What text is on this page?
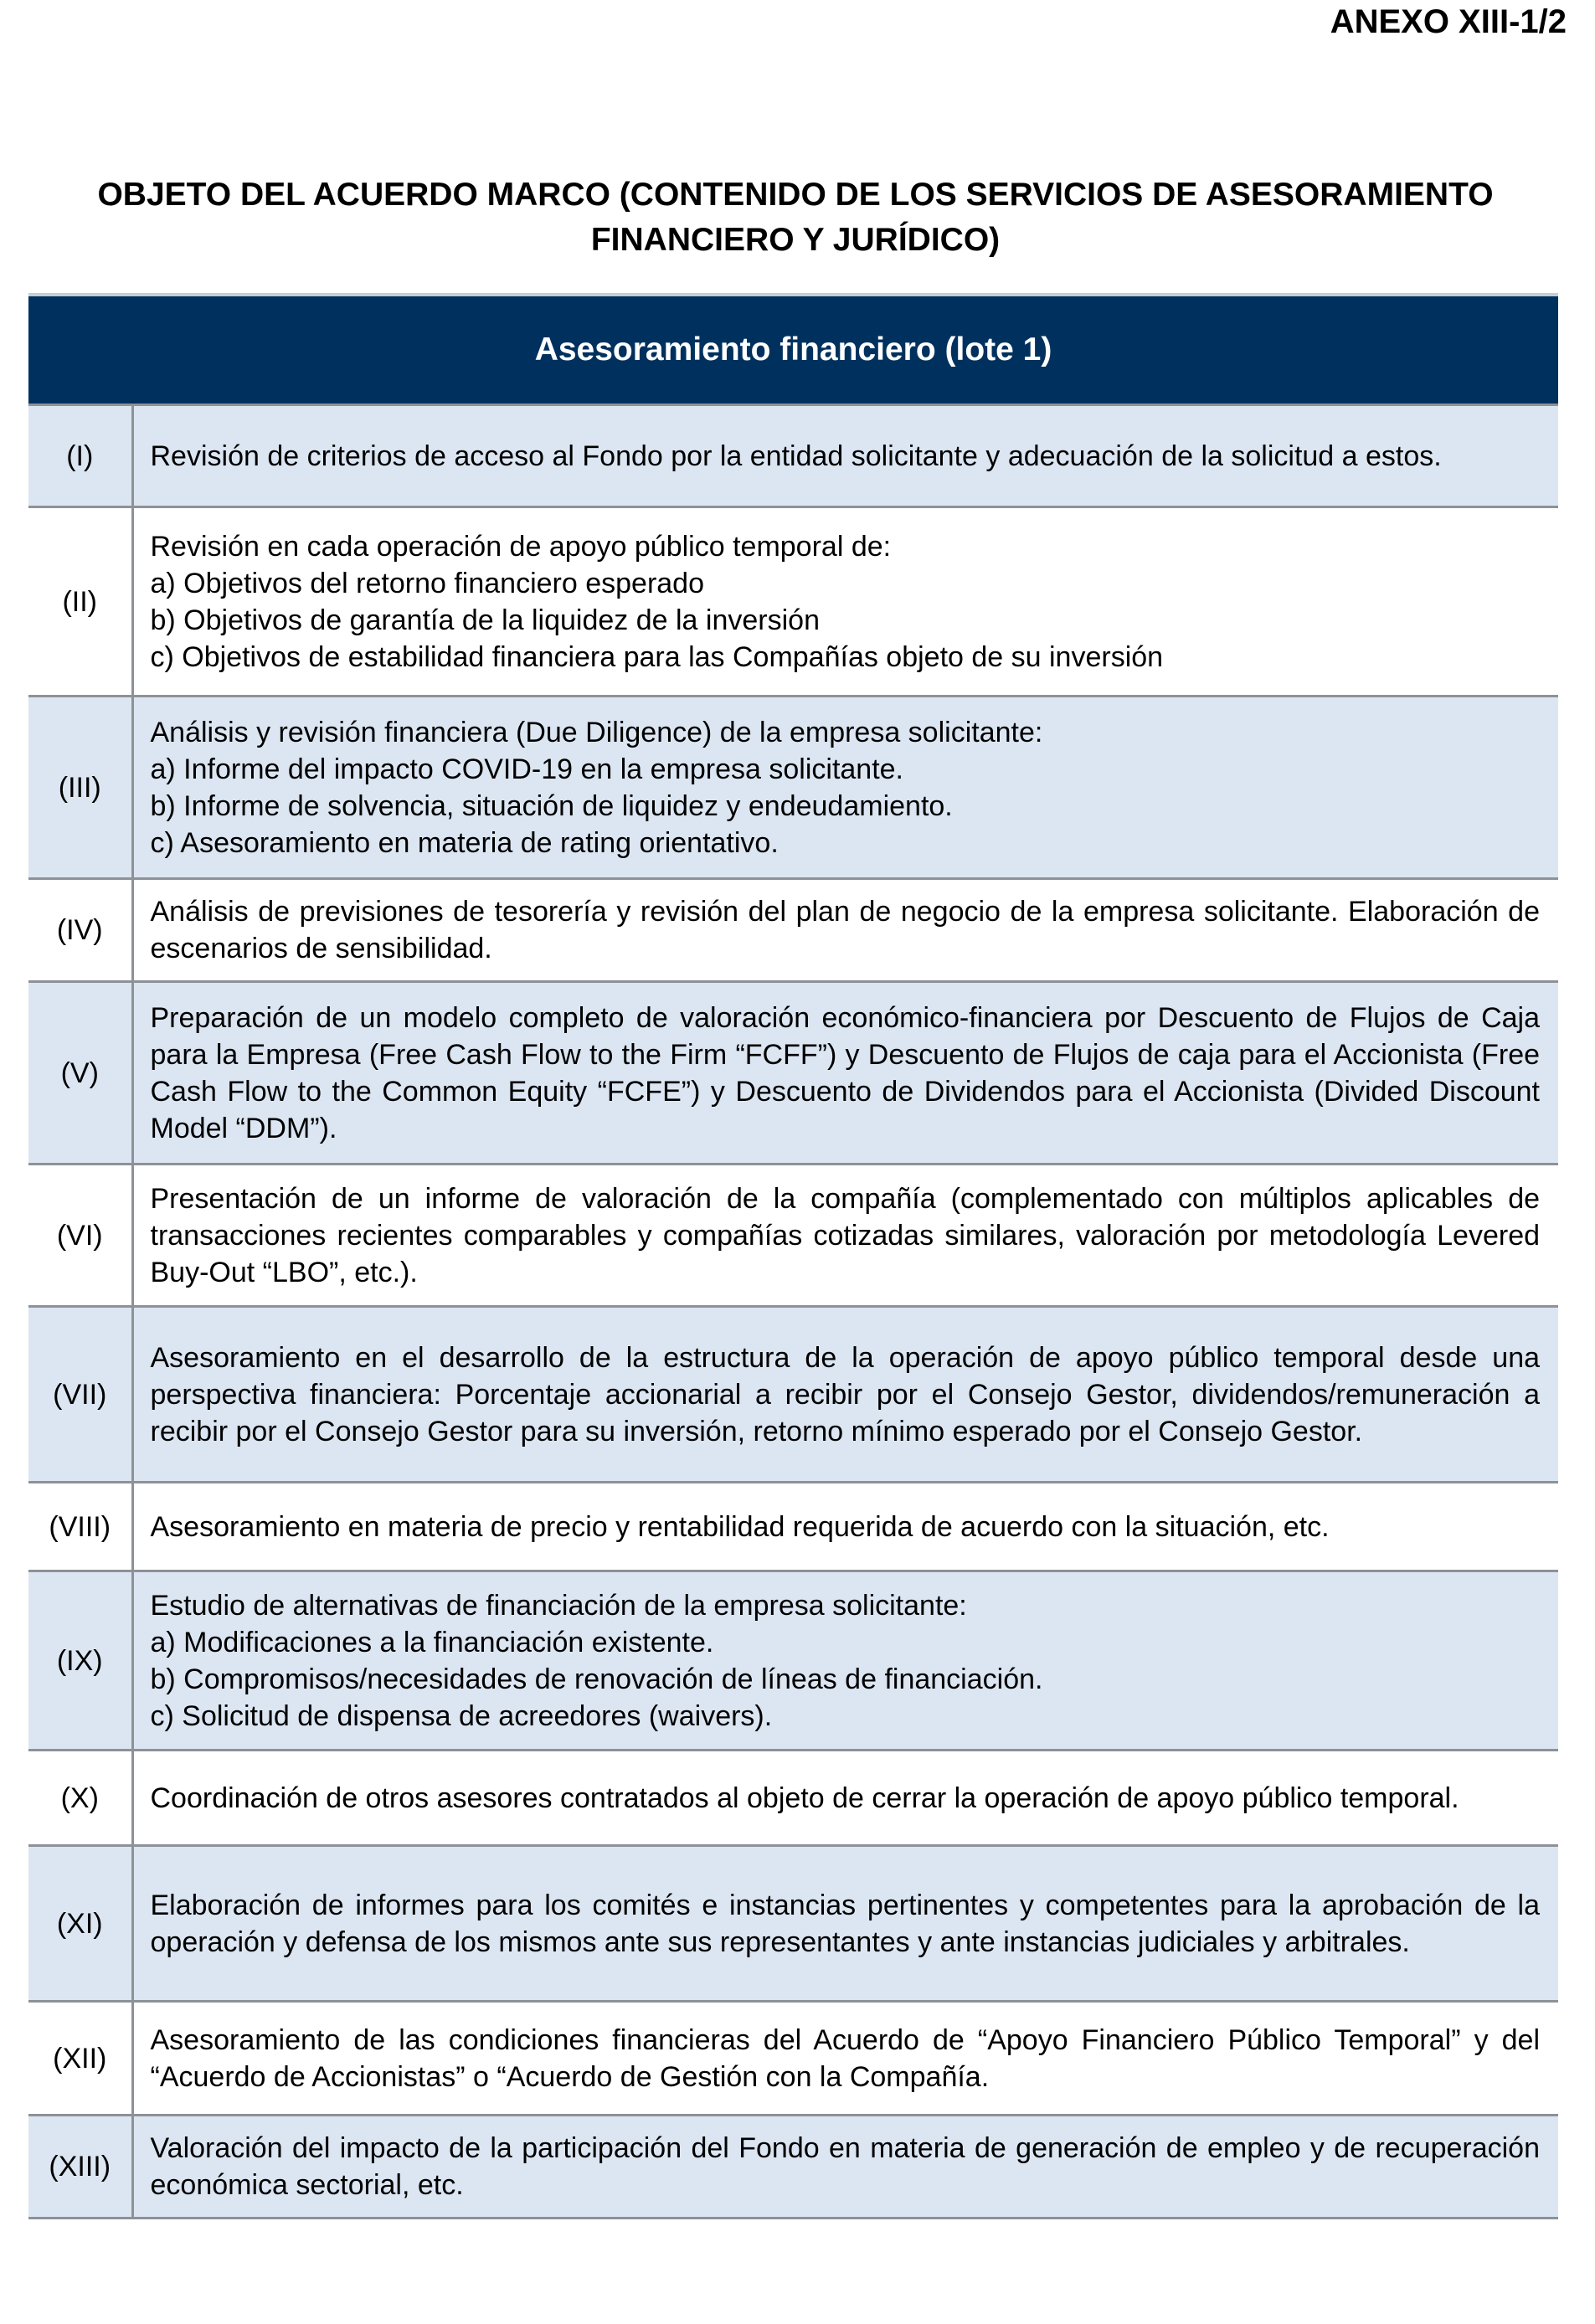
ANEXO XIII-1/2
OBJETO DEL ACUERDO MARCO (CONTENIDO DE LOS SERVICIOS DE ASESORAMIENTO
FINANCIERO Y JURÍDICO)
Asesoramiento financiero (lote 1)	
(I)	Revisión de criterios de acceso al Fondo por la entidad solicitante y adecuación de la solicitud a estos.
(II)	Revisión en cada operación de apoyo público temporal de:
a) Objetivos del retorno financiero esperado
b) Objetivos de garantía de la liquidez de la inversión
c) Objetivos de estabilidad financiera para las Compañías objeto de su inversión

(III)	Análisis y revisión financiera (Due Diligence) de la empresa solicitante:
a) Informe del impacto COVID-19 en la empresa solicitante.
b) Informe de solvencia, situación de liquidez y endeudamiento.
c) Asesoramiento en materia de rating orientativo.

(IV)	Análisis de previsiones de tesorería y revisión del plan de negocio de la empresa solicitante. Elaboración de escenarios de sensibilidad.
(V)	Preparación de un modelo completo de valoración económico-financiera por Descuento de Flujos de Caja para la Empresa (Free Cash Flow to the Firm “FCFF”) y Descuento de Flujos de caja para el Accionista (Free Cash Flow to the Common Equity “FCFE”) y Descuento de Dividendos para el Accionista (Divided Discount Model “DDM”).
(VI)	Presentación de un informe de valoración de la compañía (complementado con múltiplos aplicables de transacciones recientes comparables y compañías cotizadas similares, valoración por metodología Levered Buy-Out “LBO”, etc.).
(VII)	Asesoramiento en el desarrollo de la estructura de la operación de apoyo público temporal desde una perspectiva financiera: Porcentaje accionarial a recibir por el Consejo Gestor, dividendos/remuneración a recibir por el Consejo Gestor para su inversión, retorno mínimo esperado por el Consejo Gestor.
(VIII)	Asesoramiento en materia de precio y rentabilidad requerida de acuerdo con la situación, etc.
(IX)	Estudio de alternativas de financiación de la empresa solicitante:
a) Modificaciones a la financiación existente.
b) Compromisos/necesidades de renovación de líneas de financiación.
c) Solicitud de dispensa de acreedores (waivers).

(X)	Coordinación de otros asesores contratados al objeto de cerrar la operación de apoyo público temporal.
(XI)	Elaboración de informes para los comités e instancias pertinentes y competentes para la aprobación de la operación y defensa de los mismos ante sus representantes y ante instancias judiciales y arbitrales.
(XII)	Asesoramiento de las condiciones financieras del Acuerdo de “Apoyo Financiero Público Temporal” y del “Acuerdo de Accionistas” o “Acuerdo de Gestión con la Compañía.
(XIII)	Valoración del impacto de la participación del Fondo en materia de generación de empleo y de recuperación económica sectorial, etc.
